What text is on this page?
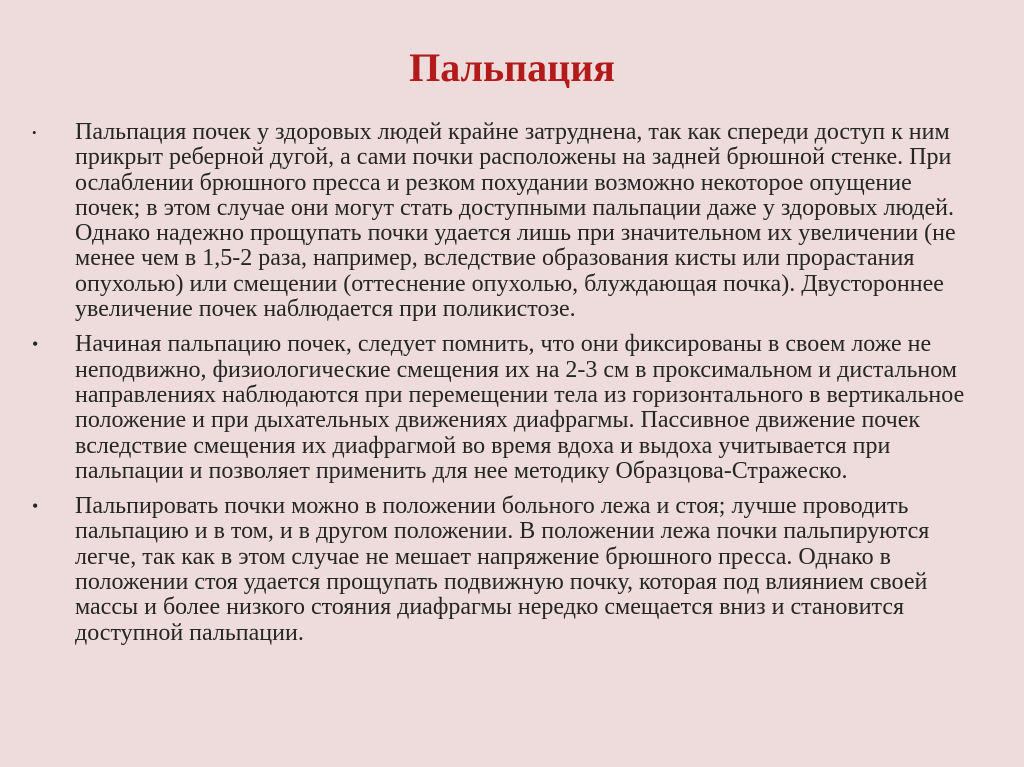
Пальпация
•	Пальпация почек у здоровых людей крайне затруднена, так как спереди доступ к ним прикрыт реберной дугой, а сами почки расположены на задней брюшной стенке. При ослаблении брюшного пресса и резком похудании возможно некоторое опущение почек; в этом случае они могут стать доступными пальпации даже у здоровых людей. Однако надежно прощупать почки удается лишь при значительном их увеличении (не менее чем в 1,5-2 раза, например, вследствие образования кисты или прорастания опухолью) или смещении (оттеснение опухолью, блуждающая почка). Двустороннее увеличение почек наблюдается при поликистозе.
•	Начиная пальпацию почек, следует помнить, что они фиксированы в своем ложе не неподвижно, физиологические смещения их на 2-3 см в проксимальном и дистальном направлениях наблюдаются при перемещении тела из горизонтального в вертикальное положение и при дыхательных движениях диафрагмы. Пассивное движение почек вследствие смещения их диафрагмой во время вдоха и выдоха учитывается при пальпации и позволяет применить для нее методику Образцова-Стражеско.
•	Пальпировать почки можно в положении больного лежа и стоя; лучше проводить пальпацию и в том, и в другом положении. В положении лежа почки пальпируются легче, так как в этом случае не мешает напряжение брюшного пресса. Однако в положении стоя удается прощупать подвижную почку, которая под влиянием своей массы и более низкого стояния диафрагмы нередко смещается вниз и становится доступной пальпации.
